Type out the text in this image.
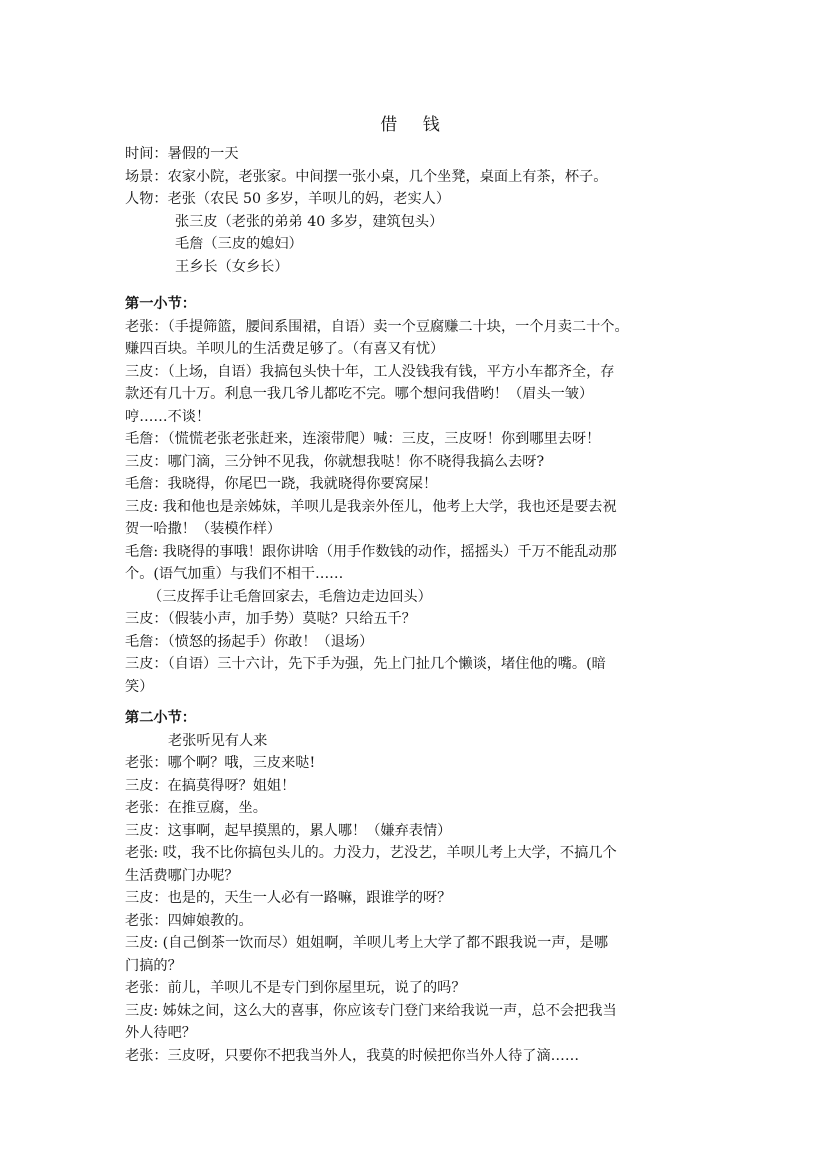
借 钱
时间：暑假的一天
场景：农家小院，老张家。中间摆一张小桌，几个坐凳，桌面上有茶，杯子。
人物：老张（农民 50 多岁，羊呗儿的妈，老实人）
张三皮（老张的弟弟 40 多岁，建筑包头）
毛詹（三皮的媳妇）
王乡长（女乡长）
第一小节：
老张：（手提筛篮，腰间系围裙，自语）卖一个豆腐赚二十块，一个月卖二十个。
赚四百块。羊呗儿的生活费足够了。（有喜又有忧）
三皮：（上场，自语）我搞包头快十年，工人没钱我有钱，平方小车都齐全，存
款还有几十万。利息一我几爷儿都吃不完。哪个想问我借哟！（眉头一皱）
哼……不谈！
毛詹：（慌慌老张老张赶来，连滚带爬）喊：三皮，三皮呀！你到哪里去呀！
三皮：哪门滴，三分钟不见我，你就想我哒！你不晓得我搞么去呀?
毛詹：我晓得，你尾巴一跷，我就晓得你要窝屎！
三皮: 我和他也是亲姊妹，羊呗儿是我亲外侄儿，他考上大学，我也还是要去祝
贺一哈撒！（装模作样）
毛詹: 我晓得的事哦！跟你讲啥（用手作数钱的动作，摇摇头）千万不能乱动那
个。(语气加重）与我们不相干……
（三皮挥手让毛詹回家去，毛詹边走边回头）
三皮：（假装小声，加手势）莫哒？只给五千？
毛詹：（愤怒的扬起手）你敢！（退场）
三皮：（自语）三十六计，先下手为强，先上门扯几个懒谈，堵住他的嘴。(暗
笑）
第二小节：
老张听见有人来
老张：哪个啊？哦，三皮来哒!
三皮：在搞莫得呀？姐姐！
老张：在推豆腐，坐。
三皮：这事啊，起早摸黑的，累人哪！（嫌弃表情）
老张: 哎，我不比你搞包头儿的。力没力，艺没艺，羊呗儿考上大学，不搞几个
生活费哪门办呢？
三皮：也是的，天生一人必有一路嘛，跟谁学的呀？
老张：四婶娘教的。
三皮: (自己倒茶一饮而尽）姐姐啊，羊呗儿考上大学了都不跟我说一声，是哪
门搞的？
老张：前儿，羊呗儿不是专门到你屋里玩，说了的吗？
三皮: 姊妹之间，这么大的喜事，你应该专门登门来给我说一声，总不会把我当
外人待吧？
老张：三皮呀，只要你不把我当外人，我莫的时候把你当外人待了滴……
